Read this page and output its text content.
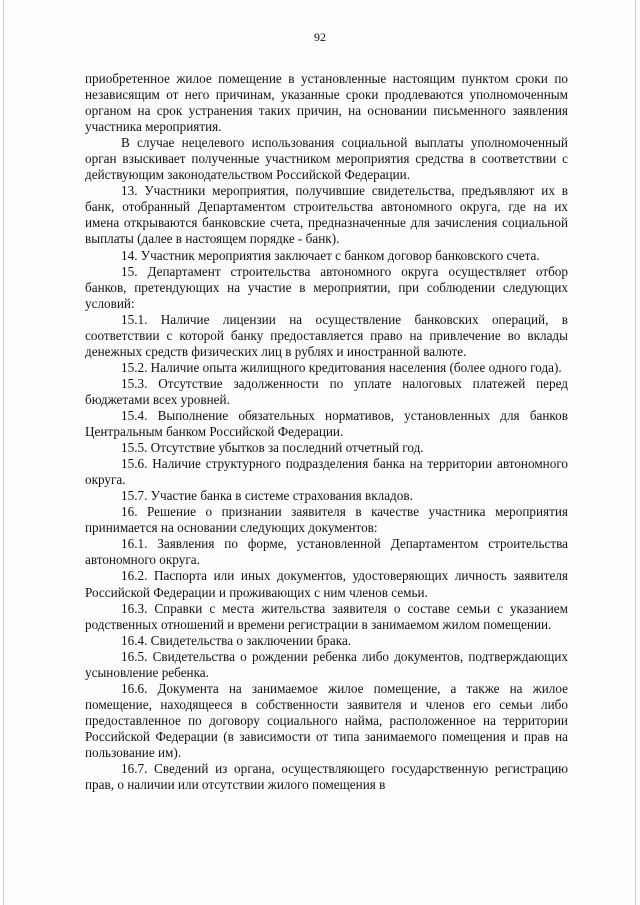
92

приобретенное жилое помещение в установленные настоящим пунктом сроки по независящим от него причинам, указанные сроки продлеваются уполномоченным органом на срок устранения таких причин, на основании письменного заявления участника мероприятия.

В случае нецелевого использования социальной выплаты уполномоченный орган взыскивает полученные участником мероприятия средства в соответствии с действующим законодательством Российской Федерации.

13. Участники мероприятия, получившие свидетельства, предъявляют их в банк, отобранный Департаментом строительства автономного округа, где на их имена открываются банковские счета, предназначенные для зачисления социальной выплаты (далее в настоящем порядке - банк).

14. Участник мероприятия заключает с банком договор банковского счета.

15. Департамент строительства автономного округа осуществляет отбор банков, претендующих на участие в мероприятии, при соблюдении следующих условий:

15.1. Наличие лицензии на осуществление банковских операций, в соответствии с которой банку предоставляется право на привлечение во вклады денежных средств физических лиц в рублях и иностранной валюте.

15.2. Наличие опыта жилищного кредитования населения (более одного года).

15.3. Отсутствие задолженности по уплате налоговых платежей перед бюджетами всех уровней.

15.4. Выполнение обязательных нормативов, установленных для банков Центральным банком Российской Федерации.

15.5. Отсутствие убытков за последний отчетный год.

15.6. Наличие структурного подразделения банка на территории автономного округа.

15.7. Участие банка в системе страхования вкладов.

16. Решение о признании заявителя в качестве участника мероприятия принимается на основании следующих документов:

16.1. Заявления по форме, установленной Департаментом строительства автономного округа.

16.2. Паспорта или иных документов, удостоверяющих личность заявителя Российской Федерации и проживающих с ним членов семьи.

16.3. Справки с места жительства заявителя о составе семьи с указанием родственных отношений и времени регистрации в занимаемом жилом помещении.

16.4. Свидетельства о заключении брака.

16.5. Свидетельства о рождении ребенка либо документов, подтверждающих усыновление ребенка.

16.6. Документа на занимаемое жилое помещение, а также на жилое помещение, находящееся в собственности заявителя и членов его семьи либо предоставленное по договору социального найма, расположенное на территории Российской Федерации (в зависимости от типа занимаемого помещения и прав на пользование им).

16.7. Сведений из органа, осуществляющего государственную регистрацию прав, о наличии или отсутствии жилого помещения в
